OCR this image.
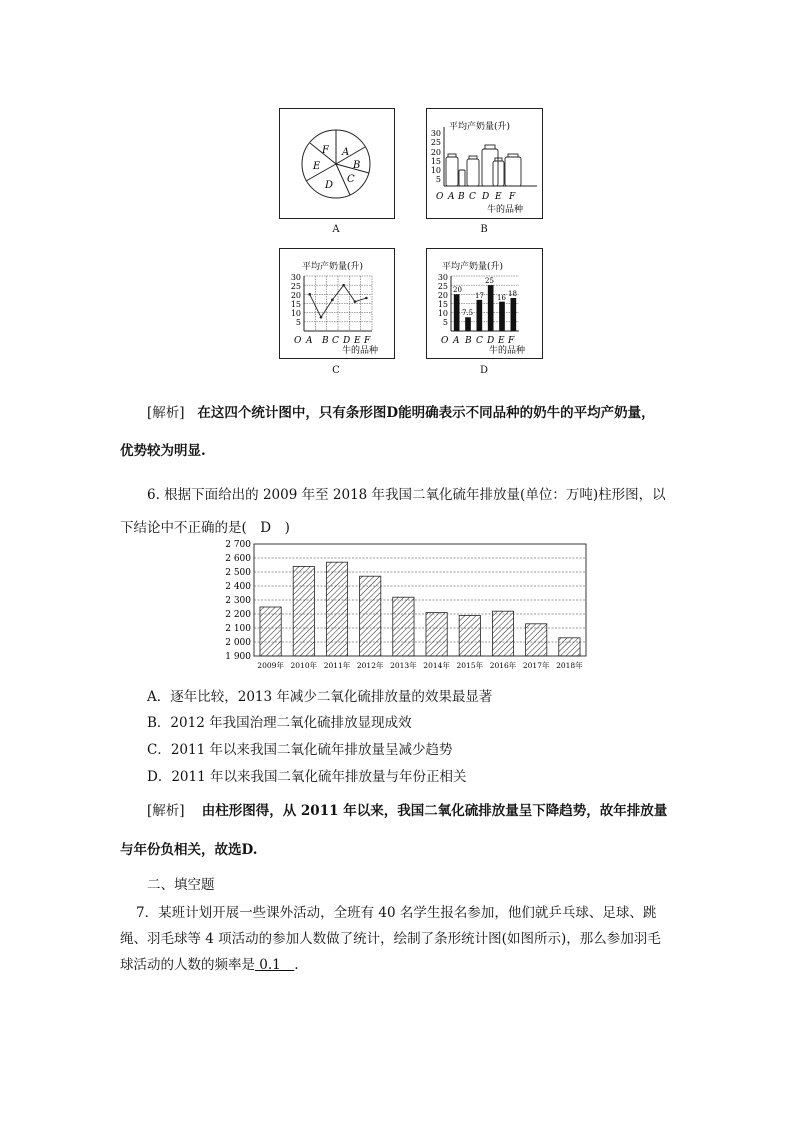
A
B
C
D
E
F
A
平均产奶量(升)
30
25
20
15
10
5
O A B C D E F
牛的品种
B
平均产奶量(升)
30
25
20
15
10
5
O A B C D E F
牛的品种
C
平均产奶量(升)
30
25
20
15
10
5
20
7.5
17
25
16 18
O A B C D E F
牛的品种
D
[解析] 在这四个统计图中，只有条形图D能明确表示不同品种的奶牛的平均产奶量，
优势较为明显.
6. 根据下面给出的 2009 年至 2018 年我国二氧化硫年排放量(单位：万吨)柱形图，以
下结论中不正确的是(　D　)
2 700
2 600
2 500
2 400
2 300
2 200
2 100
2 000
1 900
2009年 2010年 2011年 2012年 2013年 2014年 2015年 2016年 2017年 2018年
A．逐年比较，2013 年减少二氧化硫排放量的效果最显著
B．2012 年我国治理二氧化硫排放显现成效
C．2011 年以来我国二氧化硫年排放量呈减少趋势
D．2011 年以来我国二氧化硫年排放量与年份正相关
[解析] 由柱形图得，从 2011 年以来，我国二氧化硫排放量呈下降趋势，故年排放量
与年份负相关，故选D.
二、填空题
7．某班计划开展一些课外活动，全班有 40 名学生报名参加，他们就乒乓球、足球、跳
绳、羽毛球等 4 项活动的参加人数做了统计，绘制了条形统计图(如图所示)，那么参加羽毛
球活动的人数的频率是 0.1　.
